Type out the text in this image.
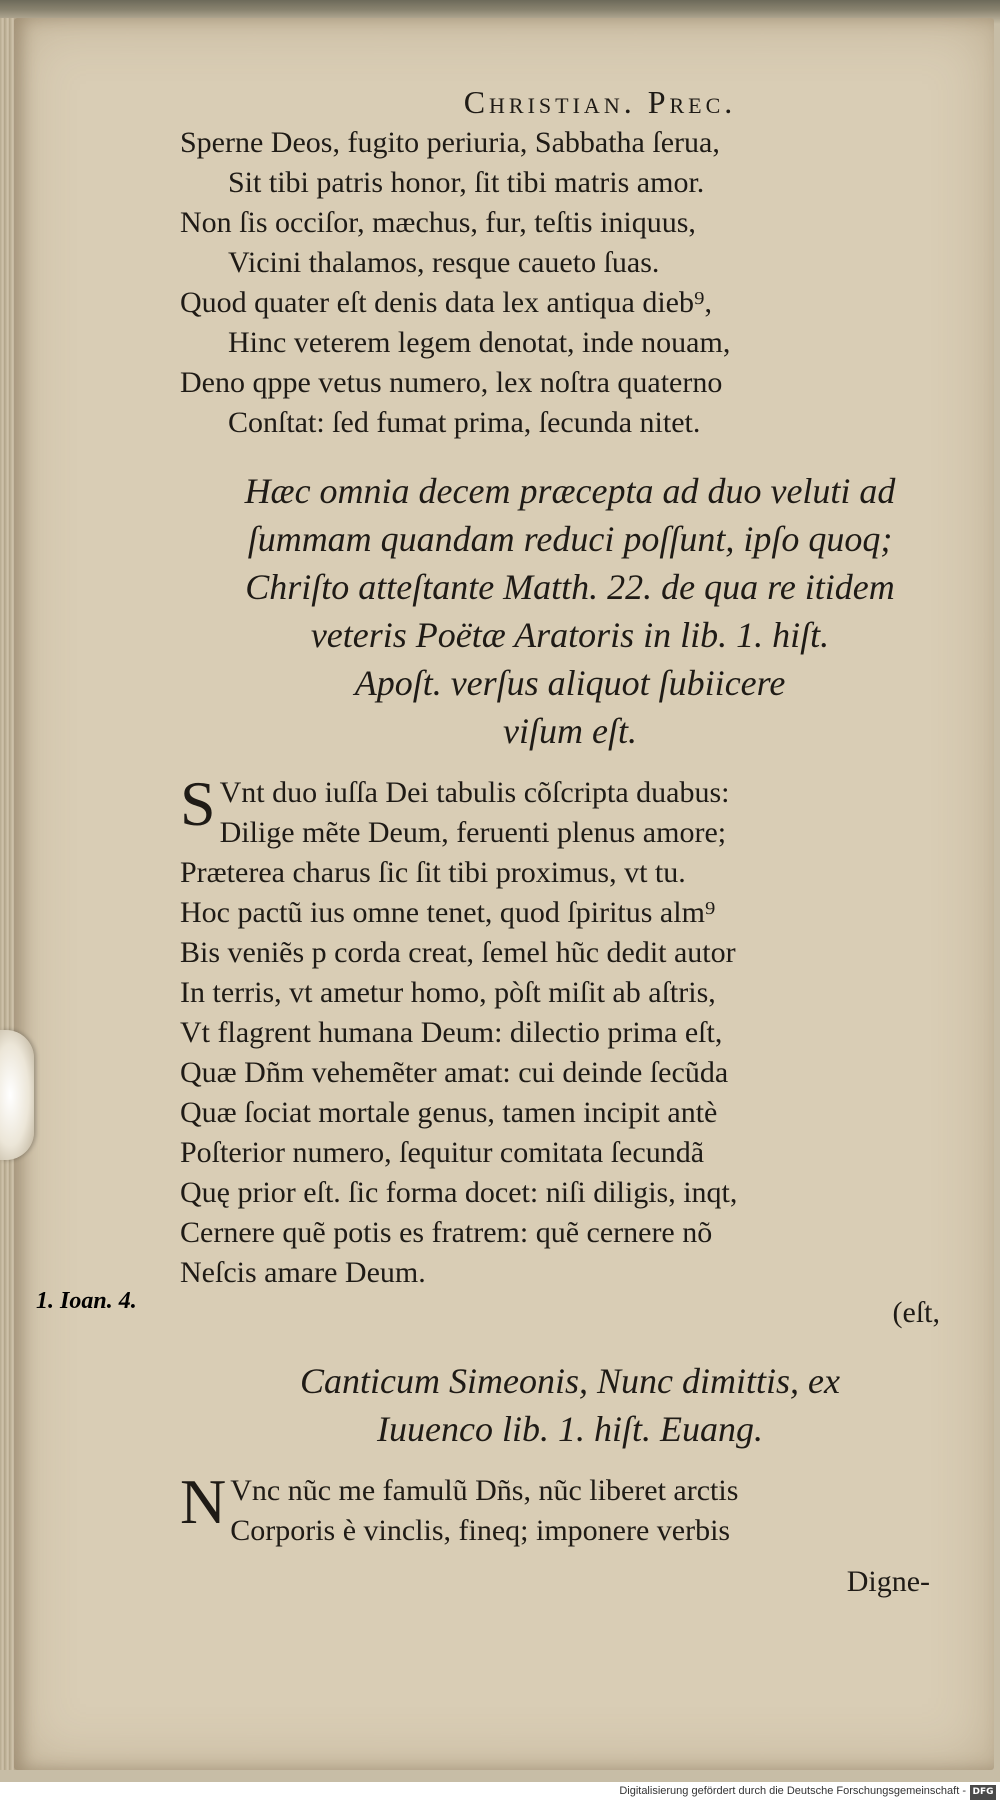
Christian. Prec.
Sperne Deos, fugito periuria, Sabbatha ſerua,
Sit tibi patris honor, ſit tibi matris amor.
Non ſis occiſor, mæchus, fur, teſtis iniquus,
Vicini thalamos, resque caueto ſuas.
Quod quater eſt denis data lex antiqua dieb⁹,
Hinc veterem legem denotat, inde nouam,
Deno qppe vetus numero, lex noſtra quaterno
Conſtat: ſed fumat prima, ſecunda nitet.
Hæc omnia decem præcepta ad duo veluti ad
ſummam quandam reduci poſſunt, ipſo quoq;
Chriſto atteſtante Matth. 22. de qua re itidem
veteris Poëtæ Aratoris in lib. 1. hiſt.
Apoſt. verſus aliquot ſubiicere
viſum eſt.
S Vnt duo iuſſa Dei tabulis cõſcripta duabus:
Dilige mẽte Deum, feruenti plenus amore;
Præterea charus ſic ſit tibi proximus, vt tu.
Hoc pactũ ius omne tenet, quod ſpiritus alm⁹
Bis veniẽs p corda creat, ſemel hũc dedit autor
In terris, vt ametur homo, pòſt miſit ab aſtris,
Vt flagrent humana Deum: dilectio prima eſt,
Quæ Dñm vehemẽter amat: cui deinde ſecũda
Quæ ſociat mortale genus, tamen incipit antè
Poſterior numero, ſequitur comitata ſecundã
Quę prior eſt. ſic forma docet: niſi diligis, inqt,
Cernere quẽ potis es fratrem: quẽ cernere nõ
Neſcis amare Deum.
(eſt,
Canticum Simeonis, Nunc dimittis, ex
Iuuenco lib. 1. hiſt. Euang.
N Vnc nũc me famulũ Dñs, nũc liberet arctis
Corporis è vinclis, fineq; imponere verbis
Digne-
1. Ioan. 4.
Digitalisierung gefördert durch die Deutsche Forschungsgemeinschaft - DFG
